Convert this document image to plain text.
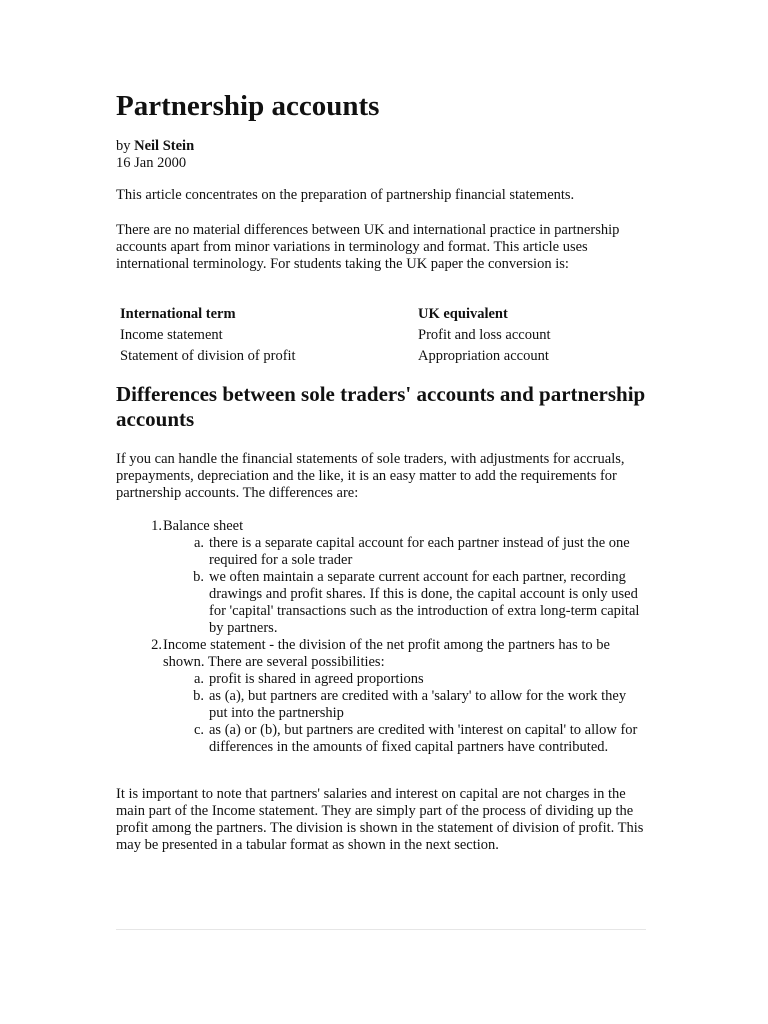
Partnership accounts
by Neil Stein
16 Jan 2000

This article concentrates on the preparation of partnership financial statements.

There are no material differences between UK and international practice in partnership accounts apart from minor variations in terminology and format. This article uses international terminology. For students taking the UK paper the conversion is:

International term	UK equivalent
Income statement	Profit and loss account
Statement of division of profit	Appropriation account
Differences between sole traders' accounts and partnership accounts

If you can handle the financial statements of sole traders, with adjustments for accruals, prepayments, depreciation and the like, it is an easy matter to add the requirements for partnership accounts. The differences are:

1. Balance sheet
a. there is a separate capital account for each partner instead of just the one required for a sole trader
b. we often maintain a separate current account for each partner, recording drawings and profit shares. If this is done, the capital account is only used for 'capital' transactions such as the introduction of extra long-term capital by partners.
2. Income statement - the division of the net profit among the partners has to be shown. There are several possibilities:
a. profit is shared in agreed proportions
b. as (a), but partners are credited with a 'salary' to allow for the work they put into the partnership
c. as (a) or (b), but partners are credited with 'interest on capital' to allow for differences in the amounts of fixed capital partners have contributed.

It is important to note that partners' salaries and interest on capital are not charges in the main part of the Income statement. They are simply part of the process of dividing up the profit among the partners. The division is shown in the statement of division of profit. This may be presented in a tabular format as shown in the next section.
